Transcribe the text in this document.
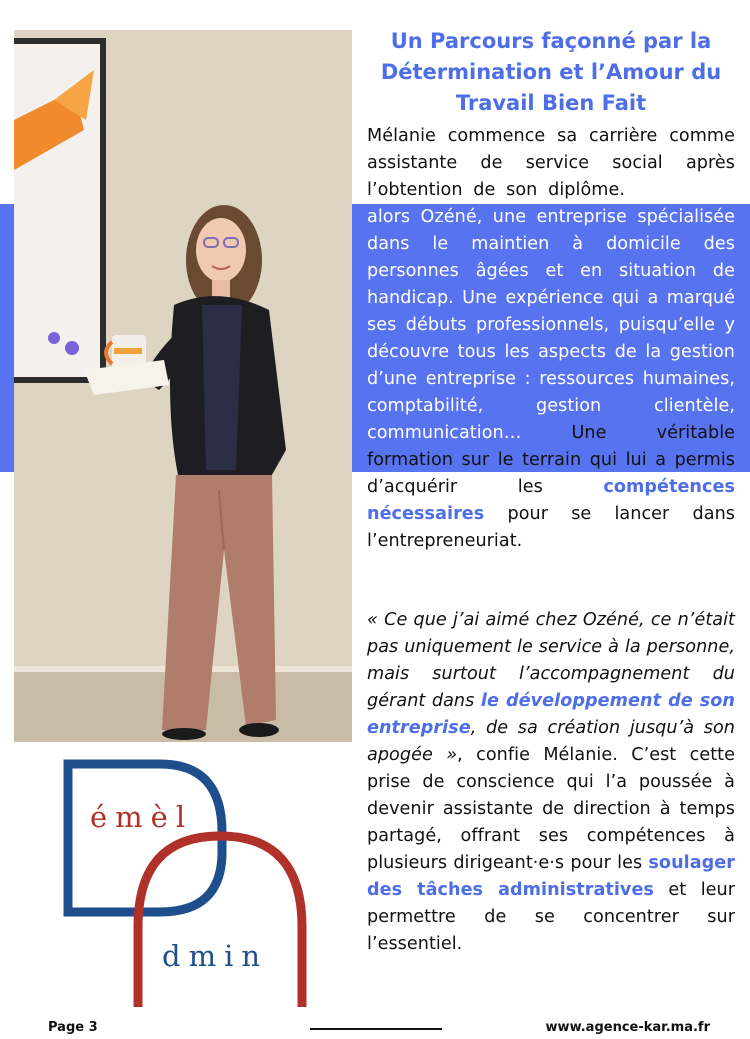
Un Parcours façonné par la Détermination et l’Amour du Travail Bien Fait

Mélanie commence sa carrière comme assistante de service social après l’obtention de son diplôme. Elle rejoint alors Ozéné, une entreprise spécialisée dans le maintien à domicile des personnes âgées et en situation de handicap. Une expérience qui a marqué ses débuts professionnels, puisqu’elle y découvre tous les aspects de la gestion d’une entreprise : ressources humaines, comptabilité, gestion clientèle, communication… Une véritable formation sur le terrain qui lui a permis d’acquérir les compétences nécessaires pour se lancer dans l’entrepreneuriat.

« Ce que j’ai aimé chez Ozéné, ce n’était pas uniquement le service à la personne, mais surtout l’accompagnement du gérant dans le développement de son entreprise, de sa création jusqu’à son apogée », confie Mélanie. C’est cette prise de conscience qui l’a poussée à devenir assistante de direction à temps partagé, offrant ses compétences à plusieurs dirigeant·e·s pour les soulager des tâches administratives et leur permettre de se concentrer sur l’essentiel.

émèl
dmin
Page 3	www.agence-kar.ma.fr
